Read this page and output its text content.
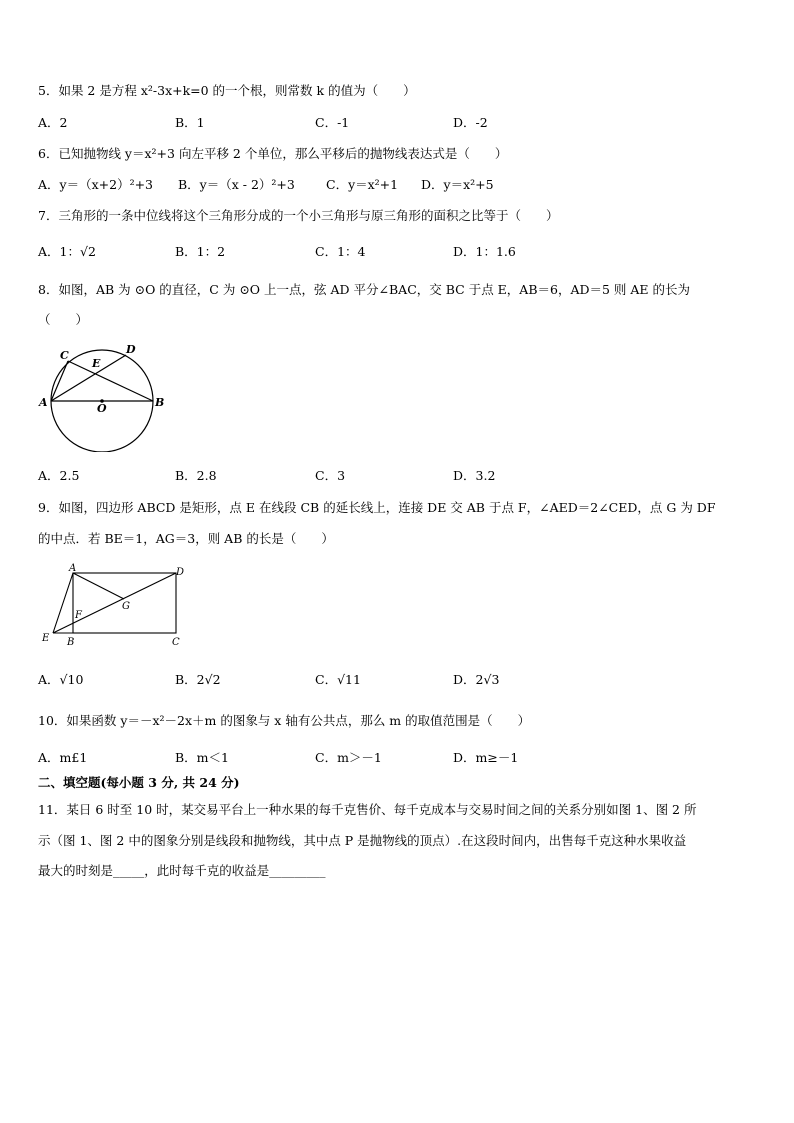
5．如果 2 是方程 x²-3x+k=0 的一个根，则常数 k 的值为（　　）
A．2	B．1	C．-1	D．-2
6．已知抛物线 y＝x²+3 向左平移 2 个单位，那么平移后的抛物线表达式是（　　）
A．y＝（x+2）²+3 B．y＝（x - 2）²+3 C．y＝x²+1 D．y＝x²+5
7．三角形的一条中位线将这个三角形分成的一个小三角形与原三角形的面积之比等于（　　）
A．1：√2	B．1：2	C．1：4	D．1：1.6
8．如图，AB 为 ⊙O 的直径，C 为 ⊙O 上一点，弦 AD 平分∠BAC，交 BC 于点 E，AB＝6，AD＝5 则 AE 的长为
（　　）
C
E
D
A	O	B
A．2.5	B．2.8	C．3	D．3.2
9．如图，四边形 ABCD 是矩形，点 E 在线段 CB 的延长线上，连接 DE 交 AB 于点 F，∠AED＝2∠CED，点 G 为 DF
的中点．若 BE＝1，AG＝3，则 AB 的长是（　　）
A	D
F
G
E B	C
A．√10	B．2√2	C．√11	D．2√3
10．如果函数 y＝－x²－2x＋m 的图象与 x 轴有公共点，那么 m 的取值范围是（　　）
A．m£1	B．m＜1	C．m＞－1	D．m≥－1
二、填空题(每小题 3 分, 共 24 分)
11．某日 6 时至 10 时，某交易平台上一种水果的每千克售价、每千克成本与交易时间之间的关系分别如图 1、图 2 所
示（图 1、图 2 中的图象分别是线段和抛物线，其中点 P 是抛物线的顶点）.在这段时间内，出售每千克这种水果收益
最大的时刻是_____，此时每千克的收益是_________
